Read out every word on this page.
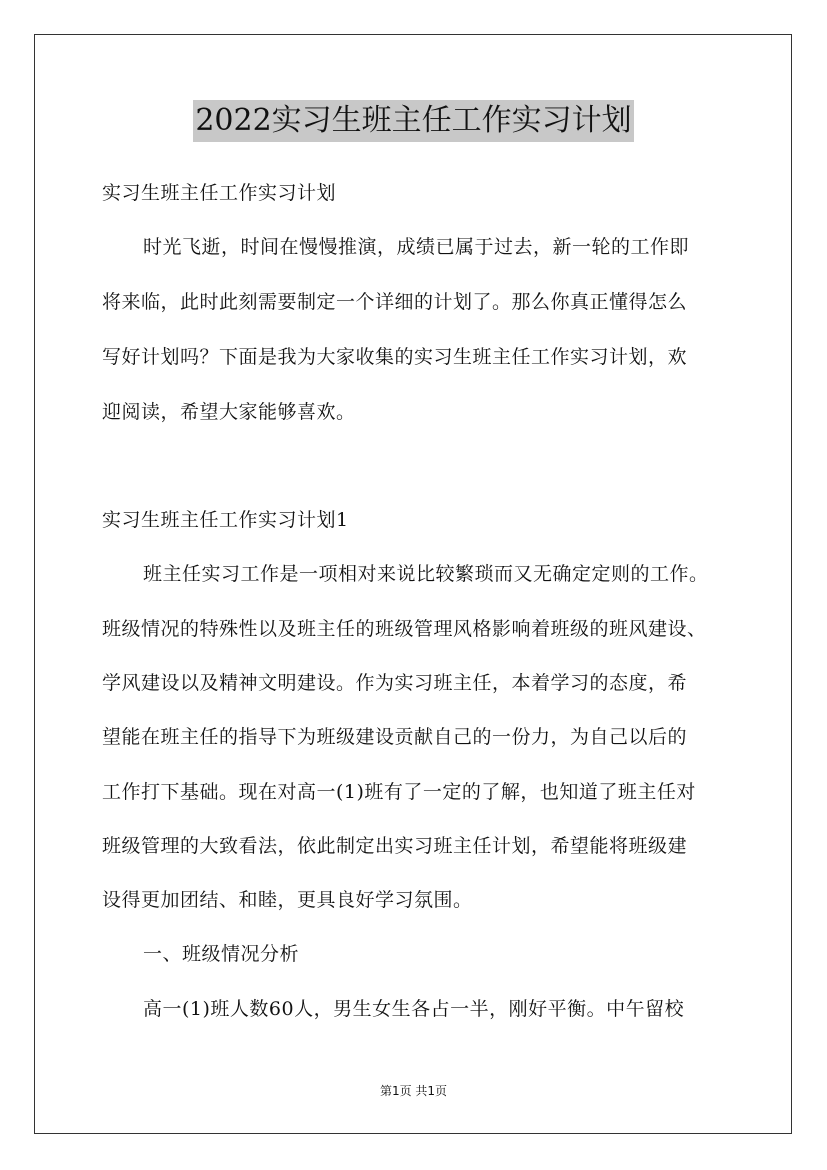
2022实习生班主任工作实习计划
实习生班主任工作实习计划
时光飞逝，时间在慢慢推演，成绩已属于过去，新一轮的工作即
将来临，此时此刻需要制定一个详细的计划了。那么你真正懂得怎么
写好计划吗？下面是我为大家收集的实习生班主任工作实习计划，欢
迎阅读，希望大家能够喜欢。
实习生班主任工作实习计划1
班主任实习工作是一项相对来说比较繁琐而又无确定定则的工作。
班级情况的特殊性以及班主任的班级管理风格影响着班级的班风建设、
学风建设以及精神文明建设。作为实习班主任，本着学习的态度，希
望能在班主任的指导下为班级建设贡献自己的一份力，为自己以后的
工作打下基础。现在对高一(1)班有了一定的了解，也知道了班主任对
班级管理的大致看法，依此制定出实习班主任计划，希望能将班级建
设得更加团结、和睦，更具良好学习氛围。
一、班级情况分析
高一(1)班人数60人，男生女生各占一半，刚好平衡。中午留校
第1页 共1页
